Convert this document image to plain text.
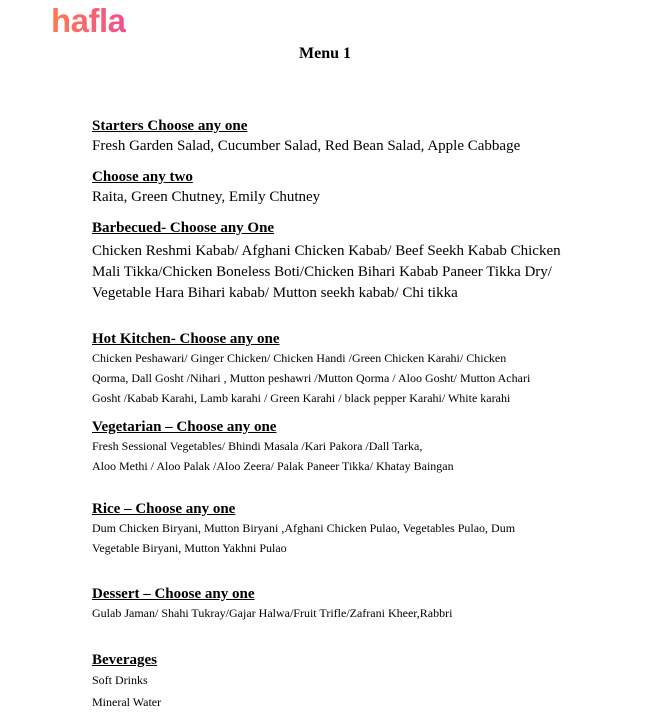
hafla
Menu 1
Starters Choose any one
Fresh Garden Salad, Cucumber Salad, Red Bean Salad, Apple Cabbage
Choose any two
Raita, Green Chutney, Emily Chutney
Barbecued- Choose any One
Chicken Reshmi Kabab/ Afghani Chicken Kabab/ Beef Seekh Kabab Chicken
Mali Tikka/Chicken Boneless Boti/Chicken Bihari Kabab Paneer Tikka Dry/
Vegetable Hara Bihari kabab/ Mutton seekh kabab/ Chi tikka
Hot Kitchen- Choose any one
Chicken Peshawari/ Ginger Chicken/ Chicken Handi /Green Chicken Karahi/ Chicken
Qorma, Dall Gosht /Nihari , Mutton peshawri /Mutton Qorma / Aloo Gosht/ Mutton Achari
Gosht /Kabab Karahi, Lamb karahi / Green Karahi / black pepper Karahi/ White karahi
Vegetarian – Choose any one
Fresh Sessional Vegetables/ Bhindi Masala /Kari Pakora /Dall Tarka,
Aloo Methi / Aloo Palak /Aloo Zeera/ Palak Paneer Tikka/ Khatay Baingan
Rice – Choose any one
Dum Chicken Biryani, Mutton Biryani ,Afghani Chicken Pulao, Vegetables Pulao, Dum
Vegetable Biryani, Mutton Yakhni Pulao
Dessert – Choose any one
Gulab Jaman/ Shahi Tukray/Gajar Halwa/Fruit Trifle/Zafrani Kheer,Rabbri
Beverages
Soft Drinks
Mineral Water
